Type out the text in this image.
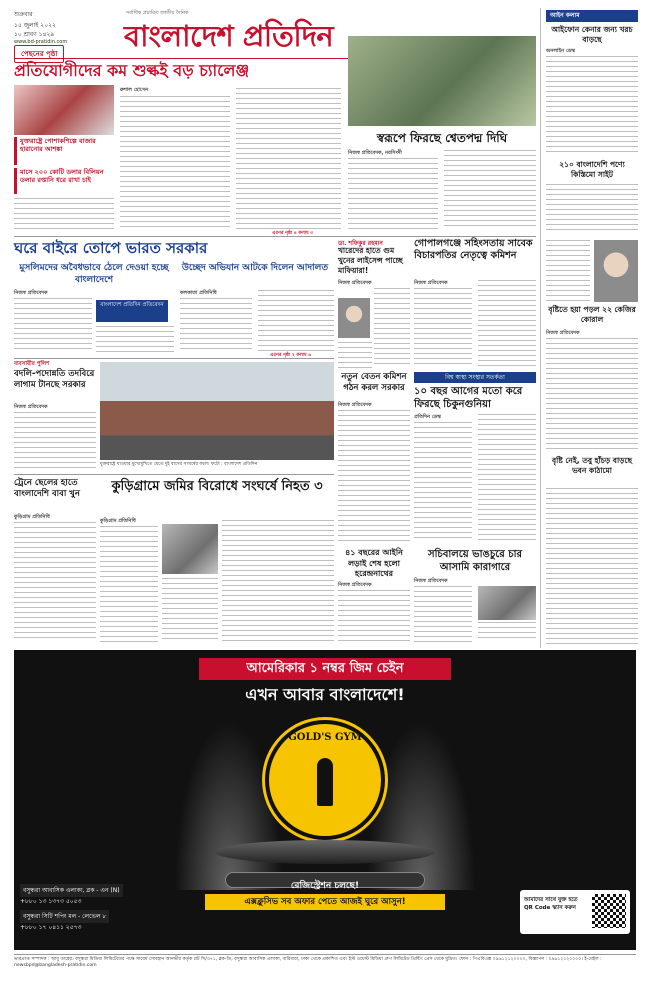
শুক্রবার
১৫ জুলাই ২০২২
১০ শ্রাবণ ১৪২৯
www.bd-pratidin.com
সর্বাধিক প্রচারিত জাতীয় দৈনিক
বাংলাদেশ প্রতিদিন
পেছনের পৃষ্ঠা
প্রতিযোগীদের কম শুল্কই বড় চ্যালেঞ্জ
যুক্তরাষ্ট্রে পোশাকশিল্পে বাজার হারানোর আশঙ্কা
মাসে ২০০ কোটি ডলার বিলিয়ন ডলার রপ্তানি ধরে রাখা চাই
রুশাল হোসেন
এরপর পৃষ্ঠা ৪ কলাম ৩
স্বরূপে ফিরছে শ্বেতপদ্ম দিঘি
নিজস্ব প্রতিবেদক, নরসিংদী
আইন কলাম
আইফোন কেনার জন্য খরচ বাড়ছে
অনলাইন ডেস্ক
২১০ বাংলাদেশি পণ্যে কিস্তিমো সাইট
বৃষ্টিতে হয়া পড়ল ২২ কেজির কোরাল
নিজস্ব প্রতিবেদক
বৃষ্টি নেই, তবু হাঁচড় বাড়ছে ভবন কাঠামো
ঘরে বাইরে তোপে ভারত সরকার
মুসলিমদের অবৈধভাবে ঠেলে দেওয়া হচ্ছে বাংলাদেশে
উচ্ছেদ অভিযান আটকে দিলেন আদালত
নিজস্ব প্রতিবেদক	কলকাতা প্রতিনিধি
বাংলাদেশ প্রতিদিন প্রতিবেদন
এরপর পৃষ্ঠা ২ কলাম ৬
ডা. শফিকুর রহমান
খারেদের হাতে গুম খুনের লাইসেন্স পাচ্ছে মাফিয়ারা!
নিজস্ব প্রতিবেদক
গোপালগঞ্জে সহিংসতায় সাবেক বিচারপতির নেতৃত্বে কমিশন
নিজস্ব প্রতিবেদক
ব্যবসায়ীর পুলিশ
বদলি-পদোন্নতি তদবিরে লাগাম টানছে সরকার
নিজস্ব প্রতিবেদক
যুক্তরাষ্ট্রে যাওয়ার মুখোমুখিতে যেতে দুই বাসের সংঘর্ষের ফলে। ফটো : বাংলাদেশ প্রতিদিন
নতুন বেতন কমিশন গঠন করল সরকার
নিজস্ব প্রতিবেদক
বিশ্ব স্বাস্থ্য সংস্থার সতর্কতা
১০ বছর আগের মতো করে ফিরছে চিকুনগুনিয়া
প্রতিদিন ডেস্ক
ট্রেনে ছেলের হাতে বাংলাদেশি বাবা খুন
কুড়িগ্রাম প্রতিনিধি
কুড়িগ্রামে জমির বিরোধে সংঘর্ষে নিহত ৩
কুড়িগ্রাম প্রতিনিধি
৪১ বছরের আইনি লড়াই শেষ হলো হরেন্দ্রনাথের
নিজস্ব প্রতিবেদক
সচিবালয়ে ভাঙচুরে চার আসামি কারাগারে
নিজস্ব প্রতিবেদক
আমেরিকার ১ নম্বর জিম চেইন
এখন আবার বাংলাদেশে!
GOLD'S GYM
রেজিস্ট্রেশন চলছে!
এক্সক্লুসিভ সব অফার পেতে আজই ঘুরে আসুন!
বসুন্ধরা আবাসিক এলাকা, ব্লক - এন (N)
+৮৮০ ১৩ ১৩৭৩ ৫০৫৩
বসুন্ধরা সিটি শপিং মল - লেভেল ৮
+৮৮০ ১৭ ০৪১১ ২৫৭৩
আমাদের সাথে যুক্ত হতে QR Code স্ক্যান করুন
ভারপ্রাপ্ত সম্পাদক : আবু তাহের। বসুন্ধরা মিডিয়া লিমিটেডের পক্ষে সায়েম সোবহান আনভীর কর্তৃক প্লট সি/৩৭১, ব্লক-ডি, বসুন্ধরা আবাসিক এলাকা, বারিধারা, ঢাকা থেকে প্রকাশিত এবং ইস্ট ওয়েস্ট মিডিয়া গ্রুপ লিমিটেড প্রিন্টিং প্রেস থেকে মুদ্রিত। ফোন : পিএবিএক্স ০৯৬১২১২০০০০, বিজ্ঞাপন : ০৯৬১২১২০০০০। ই-মেইল : newsbpd@bangladesh-pratidin.com
